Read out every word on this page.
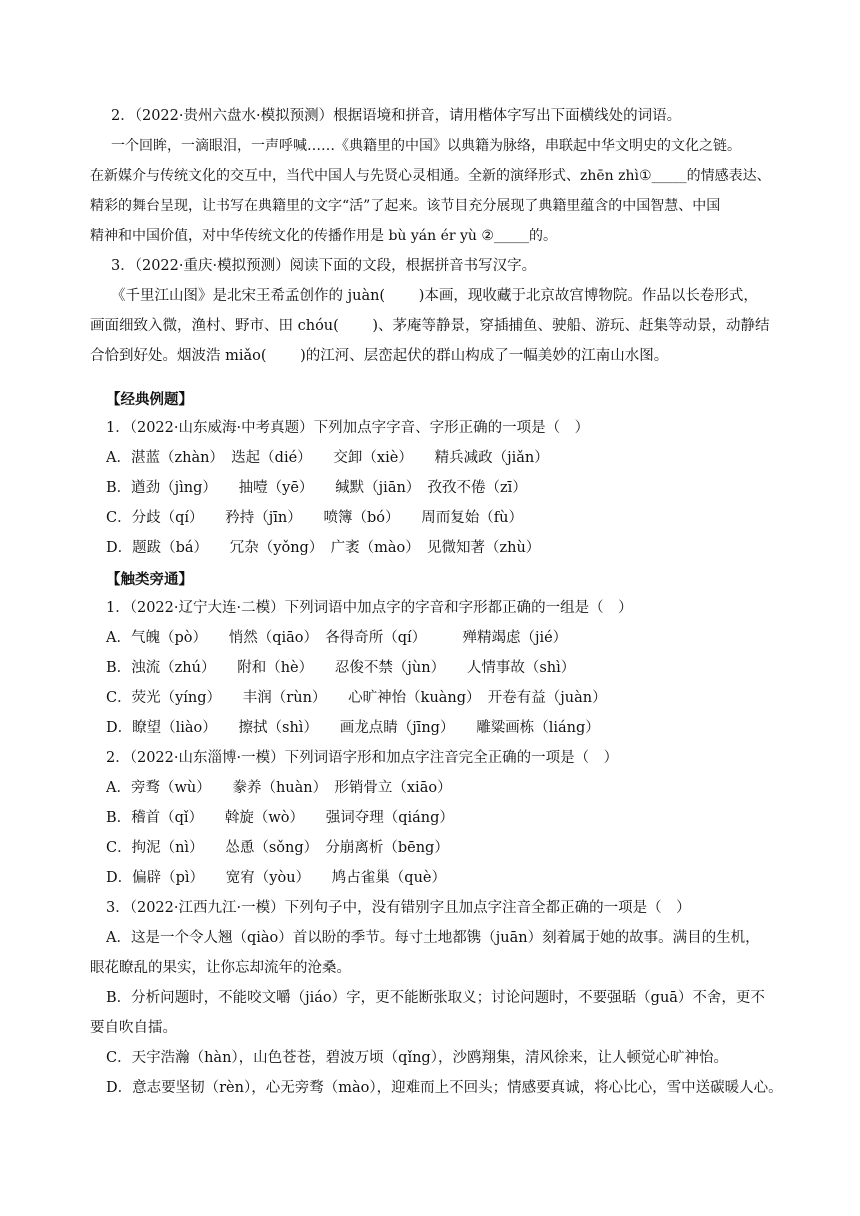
2．（2022·贵州六盘水·模拟预测）根据语境和拼音，请用楷体字写出下面横线处的词语。
一个回眸，一滴眼泪，一声呼喊……《典籍里的中国》以典籍为脉络，串联起中华文明史的文化之链。
在新媒介与传统文化的交互中，当代中国人与先贤心灵相通。全新的演绎形式、zhēn zhì①_____的情感表达、
精彩的舞台呈现，让书写在典籍里的文字“活”了起来。该节目充分展现了典籍里蕴含的中国智慧、中国
精神和中国价值，对中华传统文化的传播作用是 bù yán ér yù ②_____的。
3．（2022·重庆·模拟预测）阅读下面的文段，根据拼音书写汉字。
《千里江山图》是北宋王希孟创作的 juàn(　　 )本画，现收藏于北京故宫博物院。作品以长卷形式，
画面细致入微，渔村、野市、田 chóu(　　 )、茅庵等静景，穿插捕鱼、驶船、游玩、赶集等动景，动静结
合恰到好处。烟波浩 miǎo(　　 )的江河、层峦起伏的群山构成了一幅美妙的江南山水图。
【经典例题】
1．（2022·山东威海·中考真题）下列加点字字音、字形正确的一项是（　）
A．湛蓝（zhàn）　迭起（dié）　　交卸（xiè）　　精兵减政（jiǎn）
B．遒劲（jìng）　　抽噎（yē）　　缄默（jiān）　孜孜不倦（zī）
C．分歧（qí）　　矜持（jīn）　　喷簿（bó）　　周而复始（fù）
D．题跋（bá）　　冗杂（yǒng）　广袤（mào）　见微知著（zhù）
【触类旁通】
1．（2022·辽宁大连·二模）下列词语中加点字的字音和字形都正确的一组是（　）
A．气魄（pò）　　悄然（qiāo）　各得奇所（qí）　　　殚精竭虑（jié）
B．浊流（zhú）　　附和（hè）　　忍俊不禁（jùn）　　人情事故（shì）
C．荧光（yíng）　　丰润（rùn）　　心旷神怡（kuàng）　开卷有益（juàn）
D．瞭望（liào）　　擦拭（shì）　　画龙点睛（jīng）　　雕粱画栋（liáng）
2．（2022·山东淄博·一模）下列词语字形和加点字注音完全正确的一项是（　）
A．旁骛（wù）　　豢养（huàn）　形销骨立（xiāo）
B．稽首（qǐ）　　斡旋（wò）　　强词夺理（qiáng）
C．拘泥（nì）　　怂恿（sǒng）　分崩离析（bēng）
D．偏辟（pì）　　宽宥（yòu）　　鸠占雀巢（què）
3．（2022·江西九江·一模）下列句子中，没有错别字且加点字注音全都正确的一项是（　）
A．这是一个令人翘（qiào）首以盼的季节。每寸土地都镌（juān）刻着属于她的故事。满目的生机，
眼花瞭乱的果实，让你忘却流年的沧桑。
B．分析问题时，不能咬文嚼（jiáo）字，更不能断张取义；讨论问题时，不要强聒（guā）不舍，更不
要自吹自擂。
C．天宇浩瀚（hàn），山色苍苍，碧波万顷（qǐng），沙鸥翔集，清风徐来，让人顿觉心旷神怡。
D．意志要坚韧（rèn），心无旁骛（mào），迎难而上不回头；情感要真诚，将心比心，雪中送碳暖人心。
